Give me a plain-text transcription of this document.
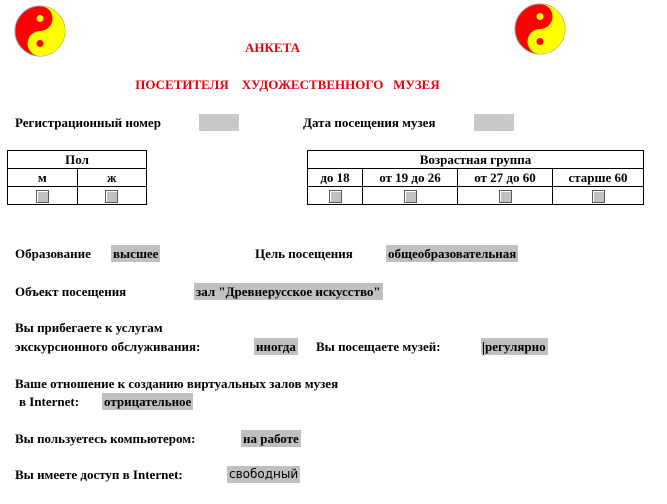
АНКЕТА
ПОСЕТИТЕЛЯ    ХУДОЖЕСТВЕННОГО   МУЗЕЯ
Регистрационный номер	Дата посещения музея
Пол	
м	ж

Возрастная группа			
до 18	от 19 до 26	от 27 до 60	старше 60

Образование высшее	Цель посещения	общеобразовательная
Объект посещения	зал "Древнерусское искусство"
Вы прибегаете к услугам
экскурсионного обслуживания:	иногда Вы посещаете музей:	регулярно
Ваше отношение к созданию виртуальных залов музея
в Internet: отрицательное
Вы пользуетесь компьютером:	на работе
Вы имеете доступ в Internet:	свободный
